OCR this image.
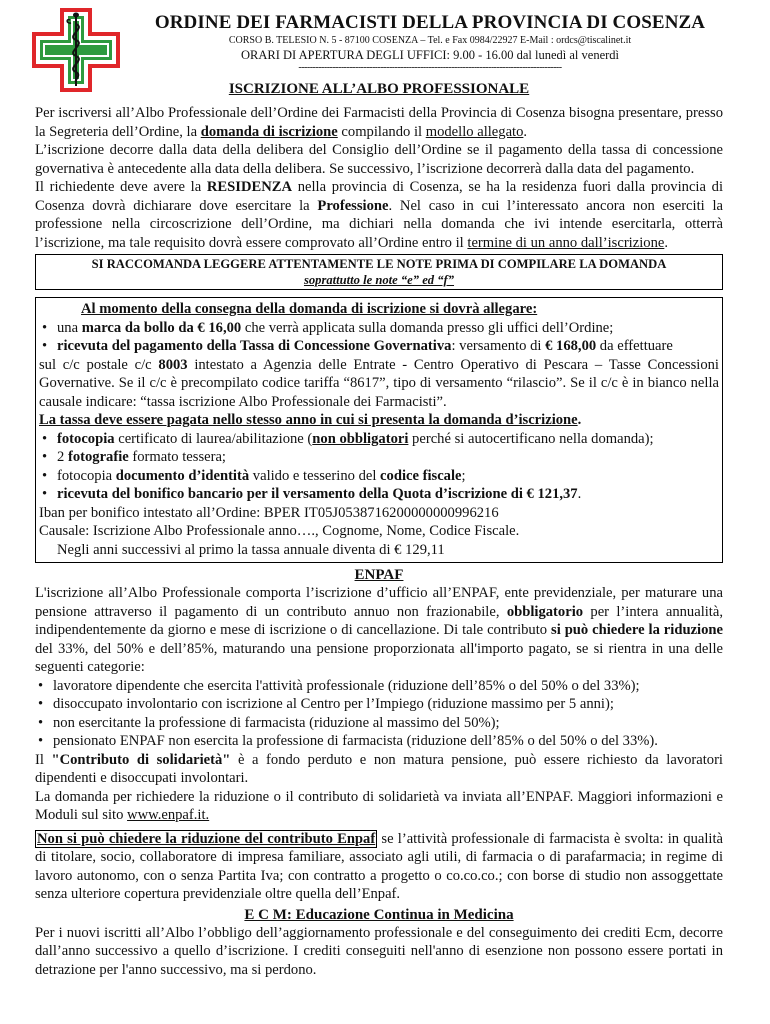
ORDINE DEI FARMACISTI DELLA PROVINCIA DI COSENZA
CORSO B. TELESIO N. 5 - 87100 COSENZA – Tel. e Fax 0984/22927 E-Mail : ordcs@tiscalinet.it
ORARI DI APERTURA DEGLI UFFICI: 9.00 - 16.00 dal lunedì al venerdì
---------------------------------------------------------------------------------------------
ISCRIZIONE ALL’ALBO PROFESSIONALE

Per iscriversi all’Albo Professionale dell’Ordine dei Farmacisti della Provincia di Cosenza bisogna presentare, presso la Segreteria dell’Ordine, la domanda di iscrizione compilando il modello allegato.

L’iscrizione decorre dalla data della delibera del Consiglio dell’Ordine se il pagamento della tassa di concessione governativa è antecedente alla data della delibera. Se successivo, l’iscrizione decorrerà dalla data del pagamento.

Il richiedente deve avere la RESIDENZA nella provincia di Cosenza, se ha la residenza fuori dalla provincia di Cosenza dovrà dichiarare dove esercitare la Professione. Nel caso in cui l’interessato ancora non eserciti la professione nella circoscrizione dell’Ordine, ma dichiari nella domanda che ivi intende esercitarla, otterrà l’iscrizione, ma tale requisito dovrà essere comprovato all’Ordine entro il termine di un anno dall’iscrizione.

SI RACCOMANDA LEGGERE ATTENTAMENTE LE NOTE PRIMA DI COMPILARE LA DOMANDA
soprattutto le note “e” ed “f”
Al momento della consegna della domanda di iscrizione si dovrà allegare:
• una marca da bollo da € 16,00 che verrà applicata sulla domanda presso gli uffici dell’Ordine;
• ricevuta del pagamento della Tassa di Concessione Governativa: versamento di € 168,00 da effettuare

sul c/c postale c/c 8003 intestato a Agenzia delle Entrate - Centro Operativo di Pescara – Tasse Concessioni Governative. Se il c/c è precompilato codice tariffa “8617”, tipo di versamento “rilascio”. Se il c/c è in bianco nella causale indicare: “tassa iscrizione Albo Professionale dei Farmacisti”.

La tassa deve essere pagata nello stesso anno in cui si presenta la domanda d’iscrizione.

• fotocopia certificato di laurea/abilitazione (non obbligatori perché si autocertificano nella domanda);
• 2 fotografie formato tessera;
• fotocopia documento d’identità valido e tesserino del codice fiscale;
• ricevuta del bonifico bancario per il versamento della Quota d’iscrizione di € 121,37.

Iban per bonifico intestato all’Ordine: BPER IT05J0538716200000000996216

Causale: Iscrizione Albo Professionale anno…., Cognome, Nome, Codice Fiscale.

Negli anni successivi al primo la tassa annuale diventa di € 129,11

ENPAF

L'iscrizione all’Albo Professionale comporta l’iscrizione d’ufficio all’ENPAF, ente previdenziale, per maturare una pensione attraverso il pagamento di un contributo annuo non frazionabile, obbligatorio per l’intera annualità, indipendentemente da giorno e mese di iscrizione o di cancellazione. Di tale contributo si può chiedere la riduzione del 33%, del 50% e dell’85%, maturando una pensione proporzionata all'importo pagato, se si rientra in una delle seguenti categorie:

• lavoratore dipendente che esercita l'attività professionale (riduzione dell’85% o del 50% o del 33%);
• disoccupato involontario con iscrizione al Centro per l’Impiego (riduzione massimo per 5 anni);
• non esercitante la professione di farmacista (riduzione al massimo del 50%);
• pensionato ENPAF non esercita la professione di farmacista (riduzione dell’85% o del 50% o del 33%).

Il "Contributo di solidarietà" è a fondo perduto e non matura pensione, può essere richiesto da lavoratori dipendenti e disoccupati involontari.

La domanda per richiedere la riduzione o il contributo di solidarietà va inviata all’ENPAF. Maggiori informazioni e Moduli sul sito www.enpaf.it.

Non si può chiedere la riduzione del contributo Enpaf se l’attività professionale di farmacista è svolta: in qualità di titolare, socio, collaboratore di impresa familiare, associato agli utili, di farmacia o di parafarmacia; in regime di lavoro autonomo, con o senza Partita Iva; con contratto a progetto o co.co.co.; con borse di studio non assoggettate senza ulteriore copertura previdenziale oltre quella dell’Enpaf.

E C M: Educazione Continua in Medicina

Per i nuovi iscritti all’Albo l’obbligo dell’aggiornamento professionale e del conseguimento dei crediti Ecm, decorre dall’anno successivo a quello d’iscrizione. I crediti conseguiti nell'anno di esenzione non possono essere portati in detrazione per l'anno successivo, ma si perdono.
